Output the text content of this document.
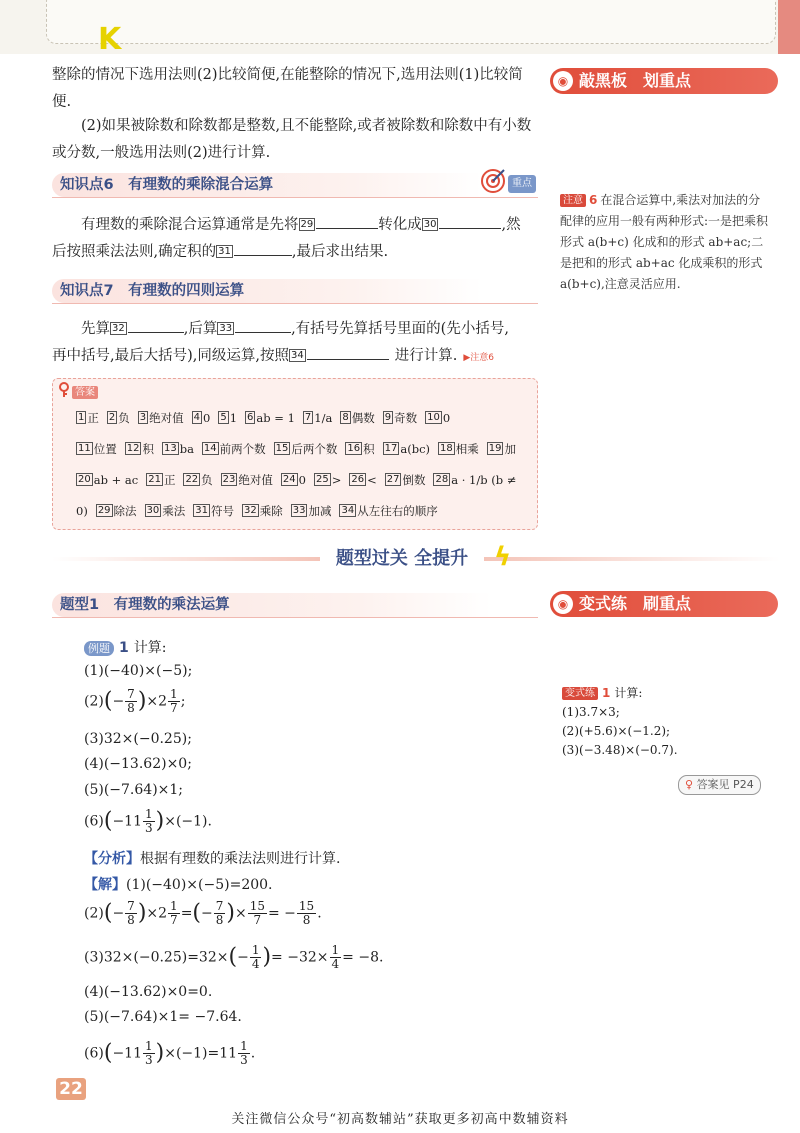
K
整除的情况下选用法则(2)比较简便,在能整除的情况下,选用法则(1)比较简便.
(2)如果被除数和除数都是整数,且不能整除,或者被除数和除数中有小数或分数,一般选用法则(2)进行计算.
知识点6　有理数的乘除混合运算	重点
有理数的乘除混合运算通常是先将 29	转化成 30	,然
后按照乘法法则,确定积的 31	,最后求出结果.
知识点7　有理数的四则运算
先算 32	,后算 33	,有括号先算括号里面的(先小括号,
再中括号,最后大括号),同级运算,按照 34	进行计算. ▶注意6
答案
1 正 2 负 3 绝对值 4 0 5 1 6 ab = 1 7 1/a 8 偶数 9 奇数 10 0
11 位置 12 积 13 ba 14 前两个数 15 后两个数 16 积 17 a(bc) 18 相乘 19 加
20 ab + ac 21 正 22 负 23 绝对值 24 0 25 > 26 < 27 倒数 28 a · 1/b (b ≠
0) 29 除法 30 乘法 31 符号 32 乘除 33 加减 34 从左往右的顺序
◉ 敲黑板　划重点
注意 6 在混合运算中,乘法对加法的分配律的应用一般有两种形式:一是把乘积形式 a(b+c) 化成和的形式 ab+ac;二是把和的形式 ab+ac 化成乘积的形式 a(b+c),注意灵活应用.
题型过关 全提升 ϟ
题型1　有理数的乘法运算	◉ 变式练　刷重点
变式练 1 计算:
(1)3.7×3;
(2)(+5.6)×(−1.2);
(3)(−3.48)×(−0.7).
♀ 答案见 P24
例题 1 计算:
(1)(−40)×(−5);
$(2)(- \frac{7}{8} )\times 2 \frac{1}{7}$ ;
(3)32×(−0.25);
(4)(−13.62)×0;
(5)(−7.64)×1;
$(6)(-11 \frac{1}{3} )\times(-1)$.
【分析】根据有理数的乘法法则进行计算.
【解】(1)(−40)×(−5)=200.
$(2)(- \frac{7}{8} )\times 2 \frac{1}{7}$ =(− $\frac{7}{8}$ )× $\frac{15}{7}$ = − $\frac{15}{8}$ .
$(3)32\times(-0.25)=32\times(- \frac{1}{4}$ )= $-32\times \frac{1}{4} = -8$.
(4)(−13.62)×0=0.
(5)(−7.64)×1= −7.64.
$(6)(-11 \frac{1}{3} )\times(-1)=11 \frac{1}{3}$ .
22
关注微信公众号“初高数辅站”获取更多初高中数辅资料
